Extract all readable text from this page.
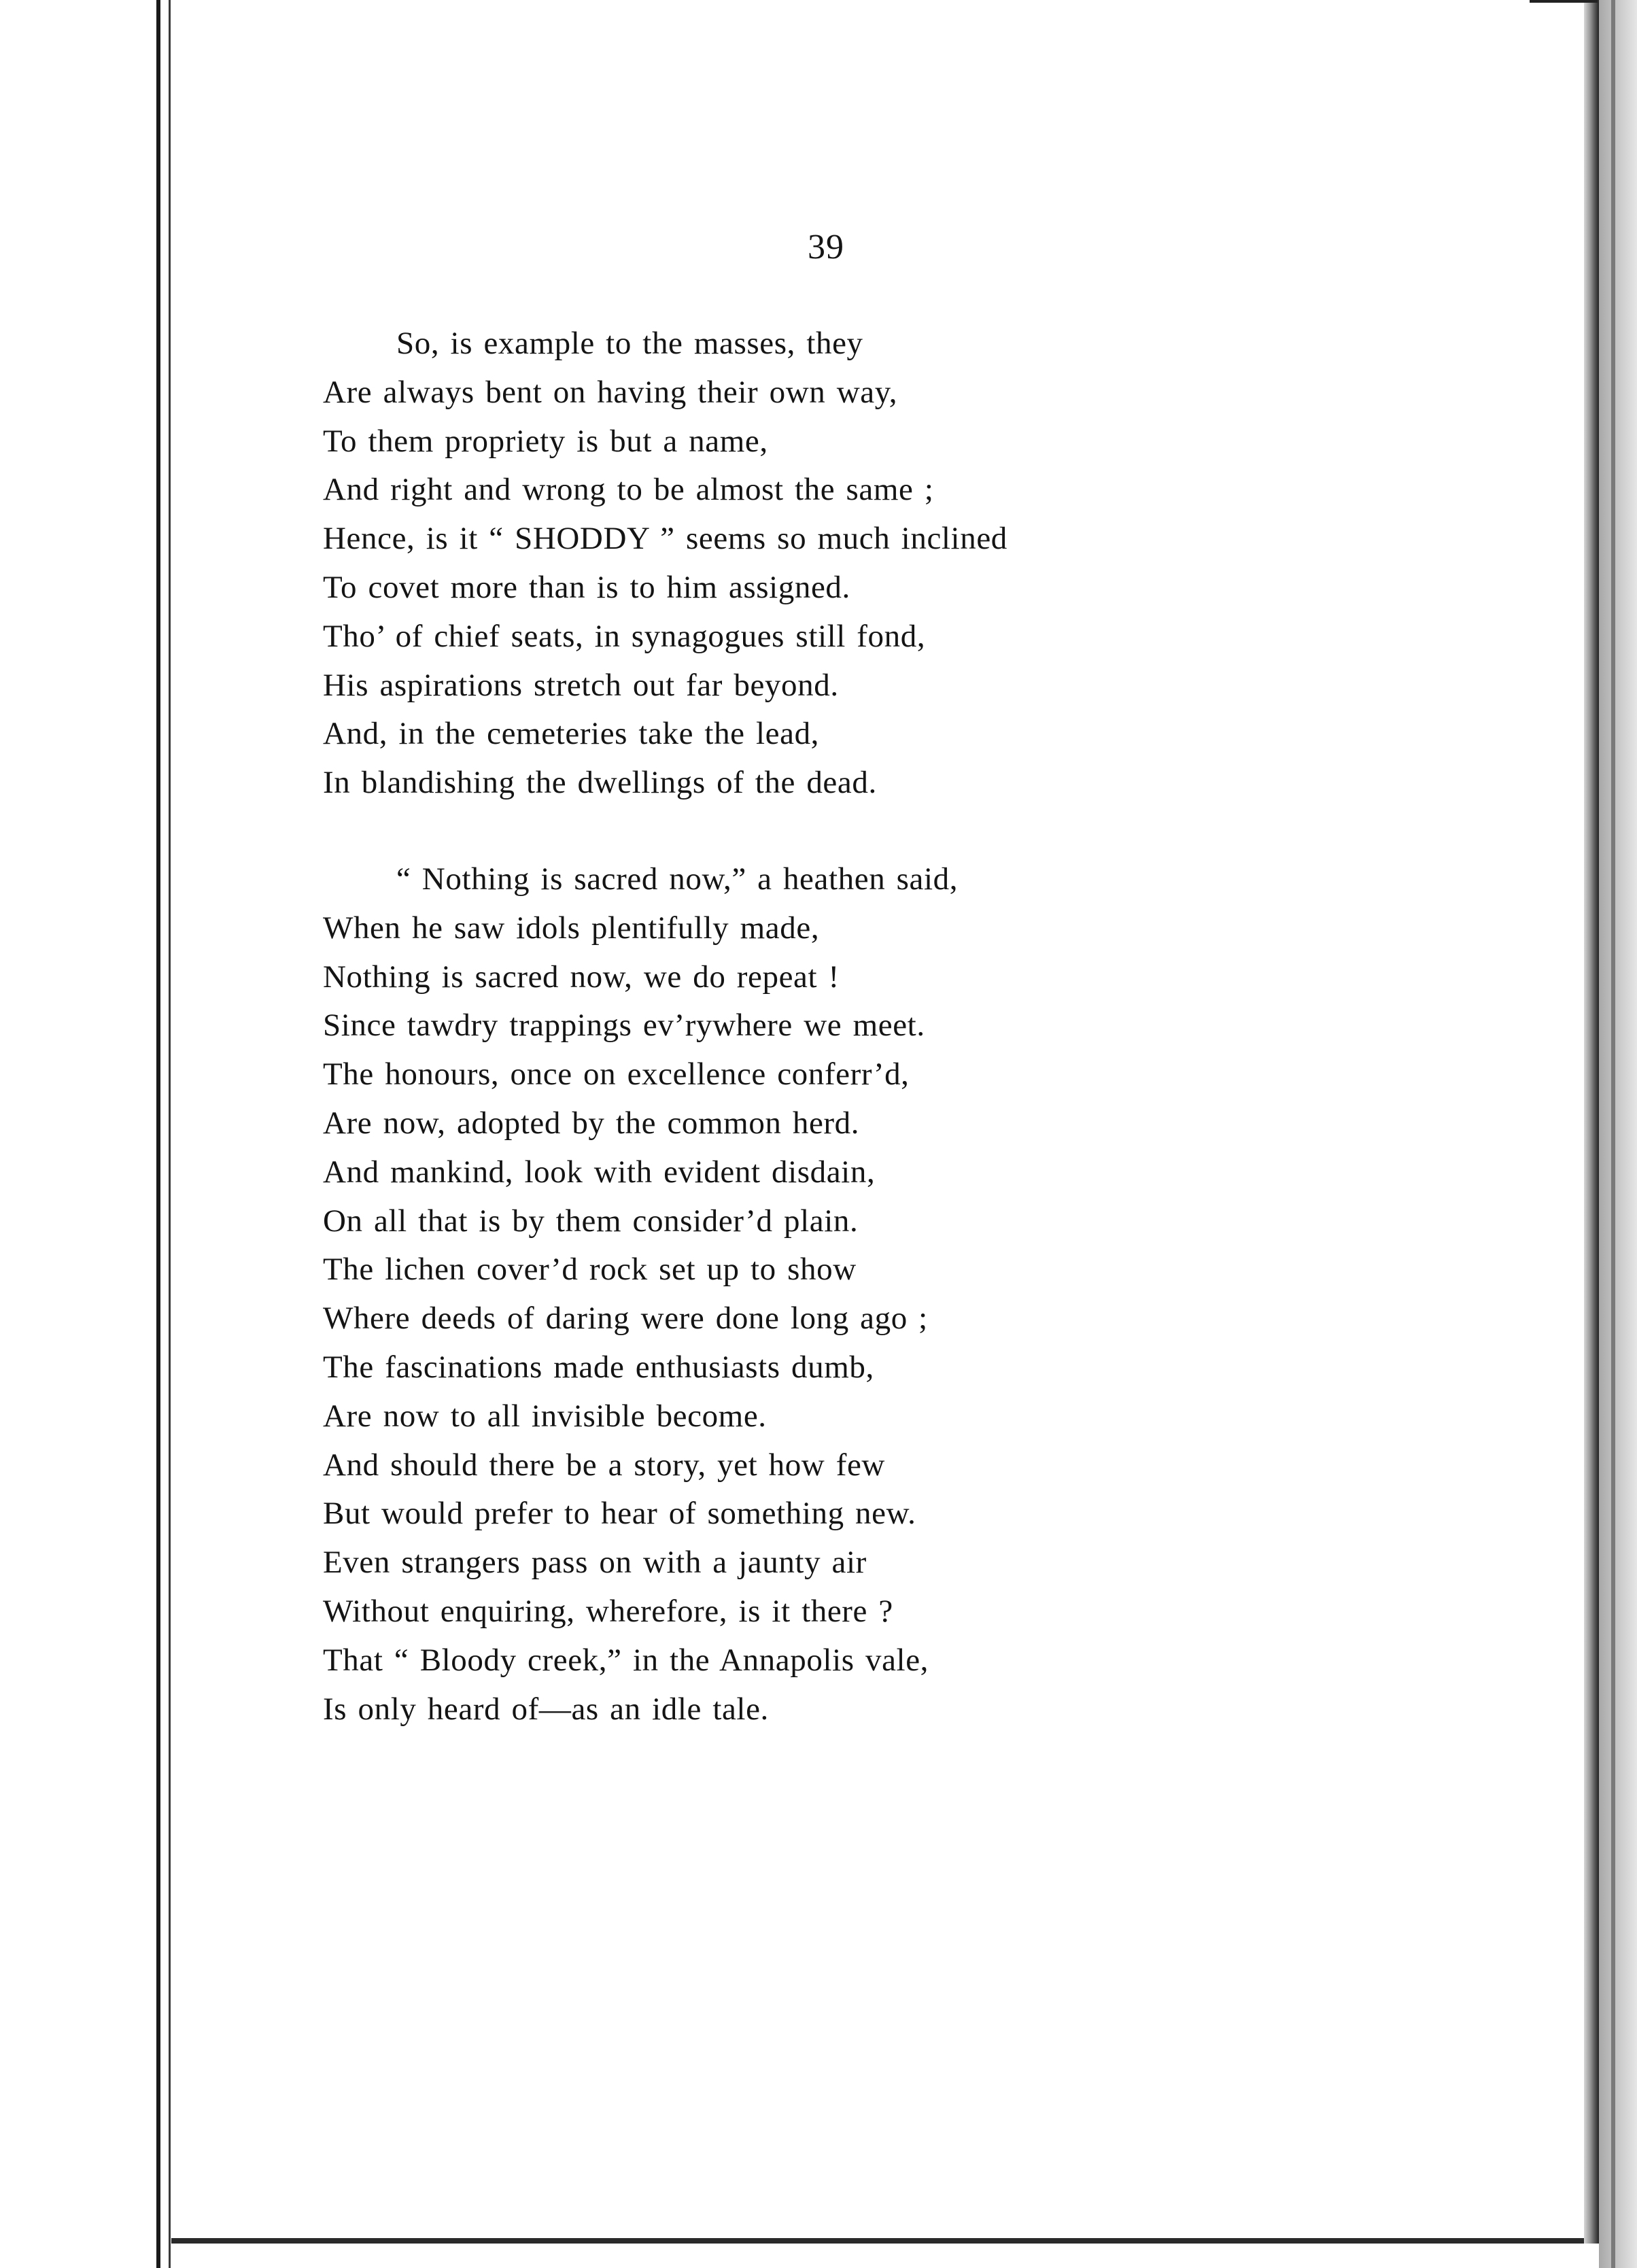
39
So, is example to the masses, they
Are always bent on having their own way,
To them propriety is but a name,
And right and wrong to be almost the same ;
Hence, is it “ SHODDY ” seems so much inclined
To covet more than is to him assigned.
Tho’ of chief seats, in synagogues still fond,
His aspirations stretch out far beyond.
And, in the cemeteries take the lead,
In blandishing the dwellings of the dead.
“ Nothing is sacred now,” a heathen said,
When he saw idols plentifully made,
Nothing is sacred now, we do repeat !
Since tawdry trappings ev’rywhere we meet.
The honours, once on excellence conferr’d,
Are now, adopted by the common herd.
And mankind, look with evident disdain,
On all that is by them consider’d plain.
The lichen cover’d rock set up to show
Where deeds of daring were done long ago ;
The fascinations made enthusiasts dumb,
Are now to all invisible become.
And should there be a story, yet how few
But would prefer to hear of something new.
Even strangers pass on with a jaunty air
Without enquiring, wherefore, is it there ?
That “ Bloody creek,” in the Annapolis vale,
Is only heard of—as an idle tale.
